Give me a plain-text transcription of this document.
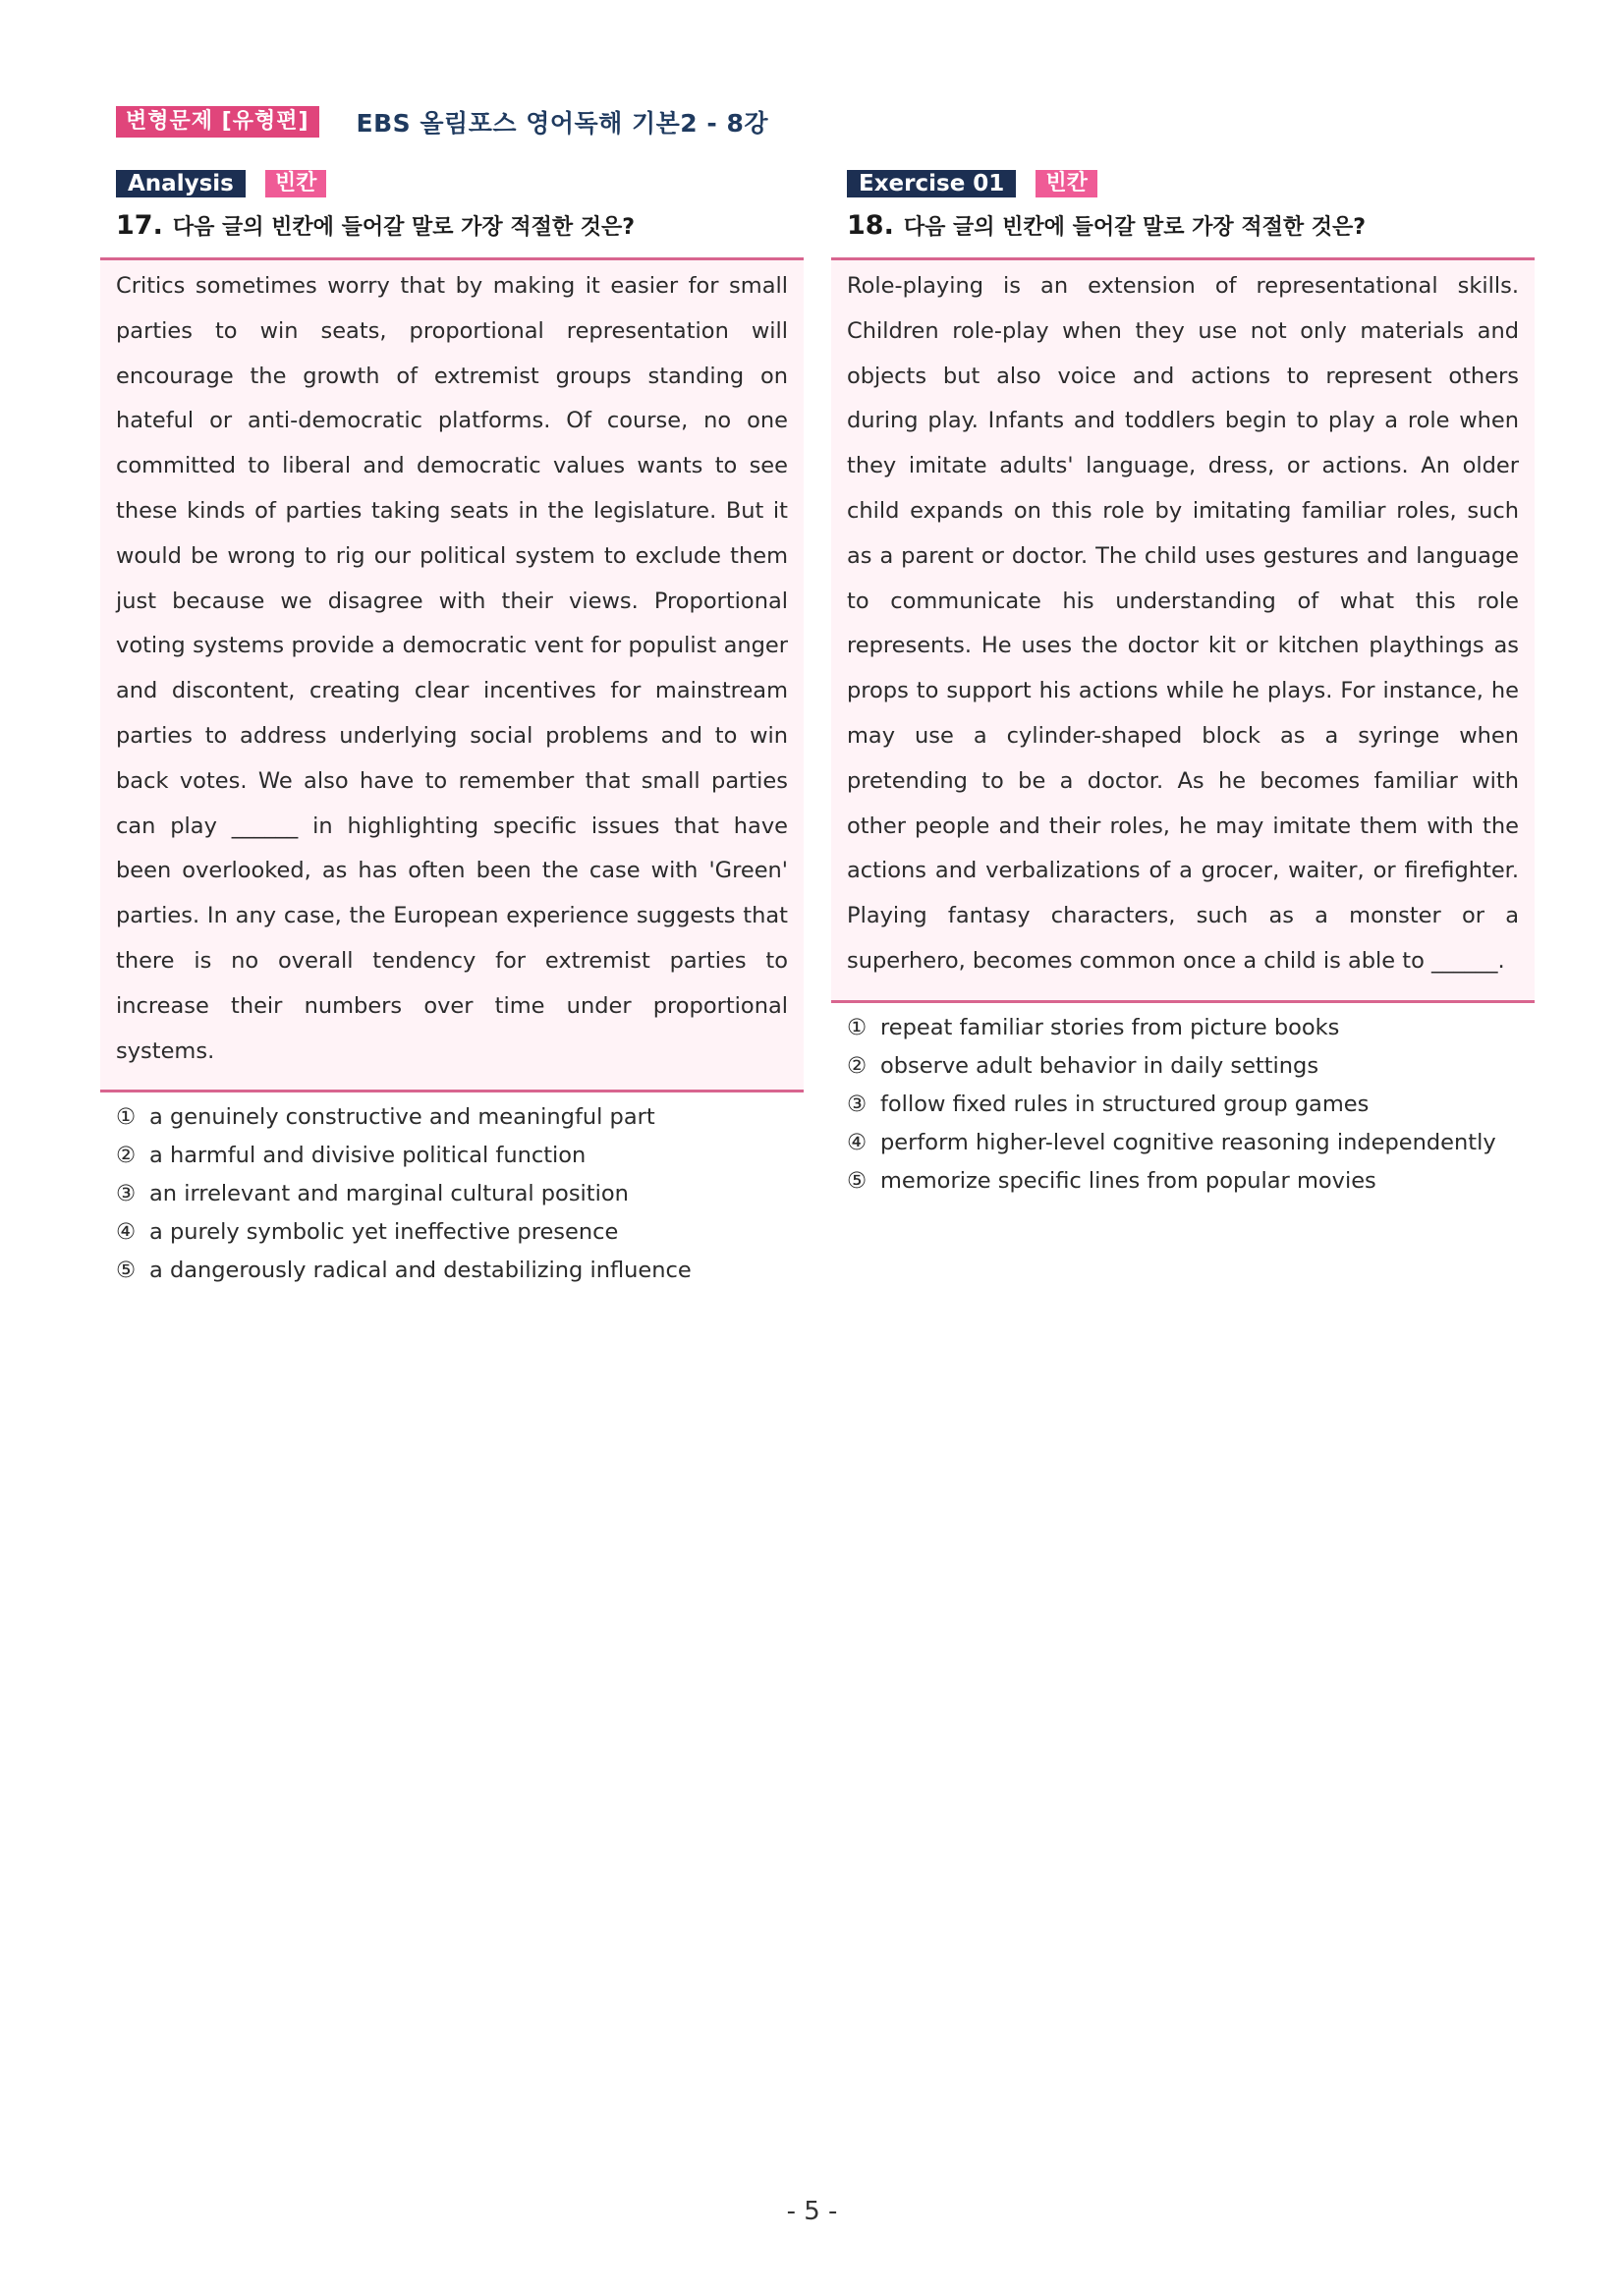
변형문제 [유형편]	EBS 올림포스 영어독해 기본2 - 8강
Analysis	빈칸
17. 다음 글의 빈칸에 들어갈 말로 가장 적절한 것은?
Critics sometimes worry that by making it easier for small parties to win seats, proportional representation will encourage the growth of extremist groups standing on hateful or anti-democratic platforms. Of course, no one committed to liberal and democratic values wants to see these kinds of parties taking seats in the legislature. But it would be wrong to rig our political system to exclude them just because we disagree with their views. Proportional voting systems provide a democratic vent for populist anger and discontent, creating clear incentives for mainstream parties to address underlying social problems and to win back votes. We also have to remember that small parties can play ______ in highlighting specific issues that have been overlooked, as has often been the case with 'Green' parties. In any case, the European experience suggests that there is no overall tendency for extremist parties to increase their numbers over time under proportional systems.
① a genuinely constructive and meaningful part
② a harmful and divisive political function
③ an irrelevant and marginal cultural position
④ a purely symbolic yet ineffective presence
⑤ a dangerously radical and destabilizing influence
Exercise 01	빈칸
18. 다음 글의 빈칸에 들어갈 말로 가장 적절한 것은?
Role-playing is an extension of representational skills. Children role-play when they use not only materials and objects but also voice and actions to represent others during play. Infants and toddlers begin to play a role when they imitate adults' language, dress, or actions. An older child expands on this role by imitating familiar roles, such as a parent or doctor. The child uses gestures and language to communicate his understanding of what this role represents. He uses the doctor kit or kitchen playthings as props to support his actions while he plays. For instance, he may use a cylinder-shaped block as a syringe when pretending to be a doctor. As he becomes familiar with other people and their roles, he may imitate them with the actions and verbalizations of a grocer, waiter, or firefighter. Playing fantasy characters, such as a monster or a superhero, becomes common once a child is able to ______.
① repeat familiar stories from picture books
② observe adult behavior in daily settings
③ follow fixed rules in structured group games
④ perform higher-level cognitive reasoning independently
⑤ memorize specific lines from popular movies
- 5 -
